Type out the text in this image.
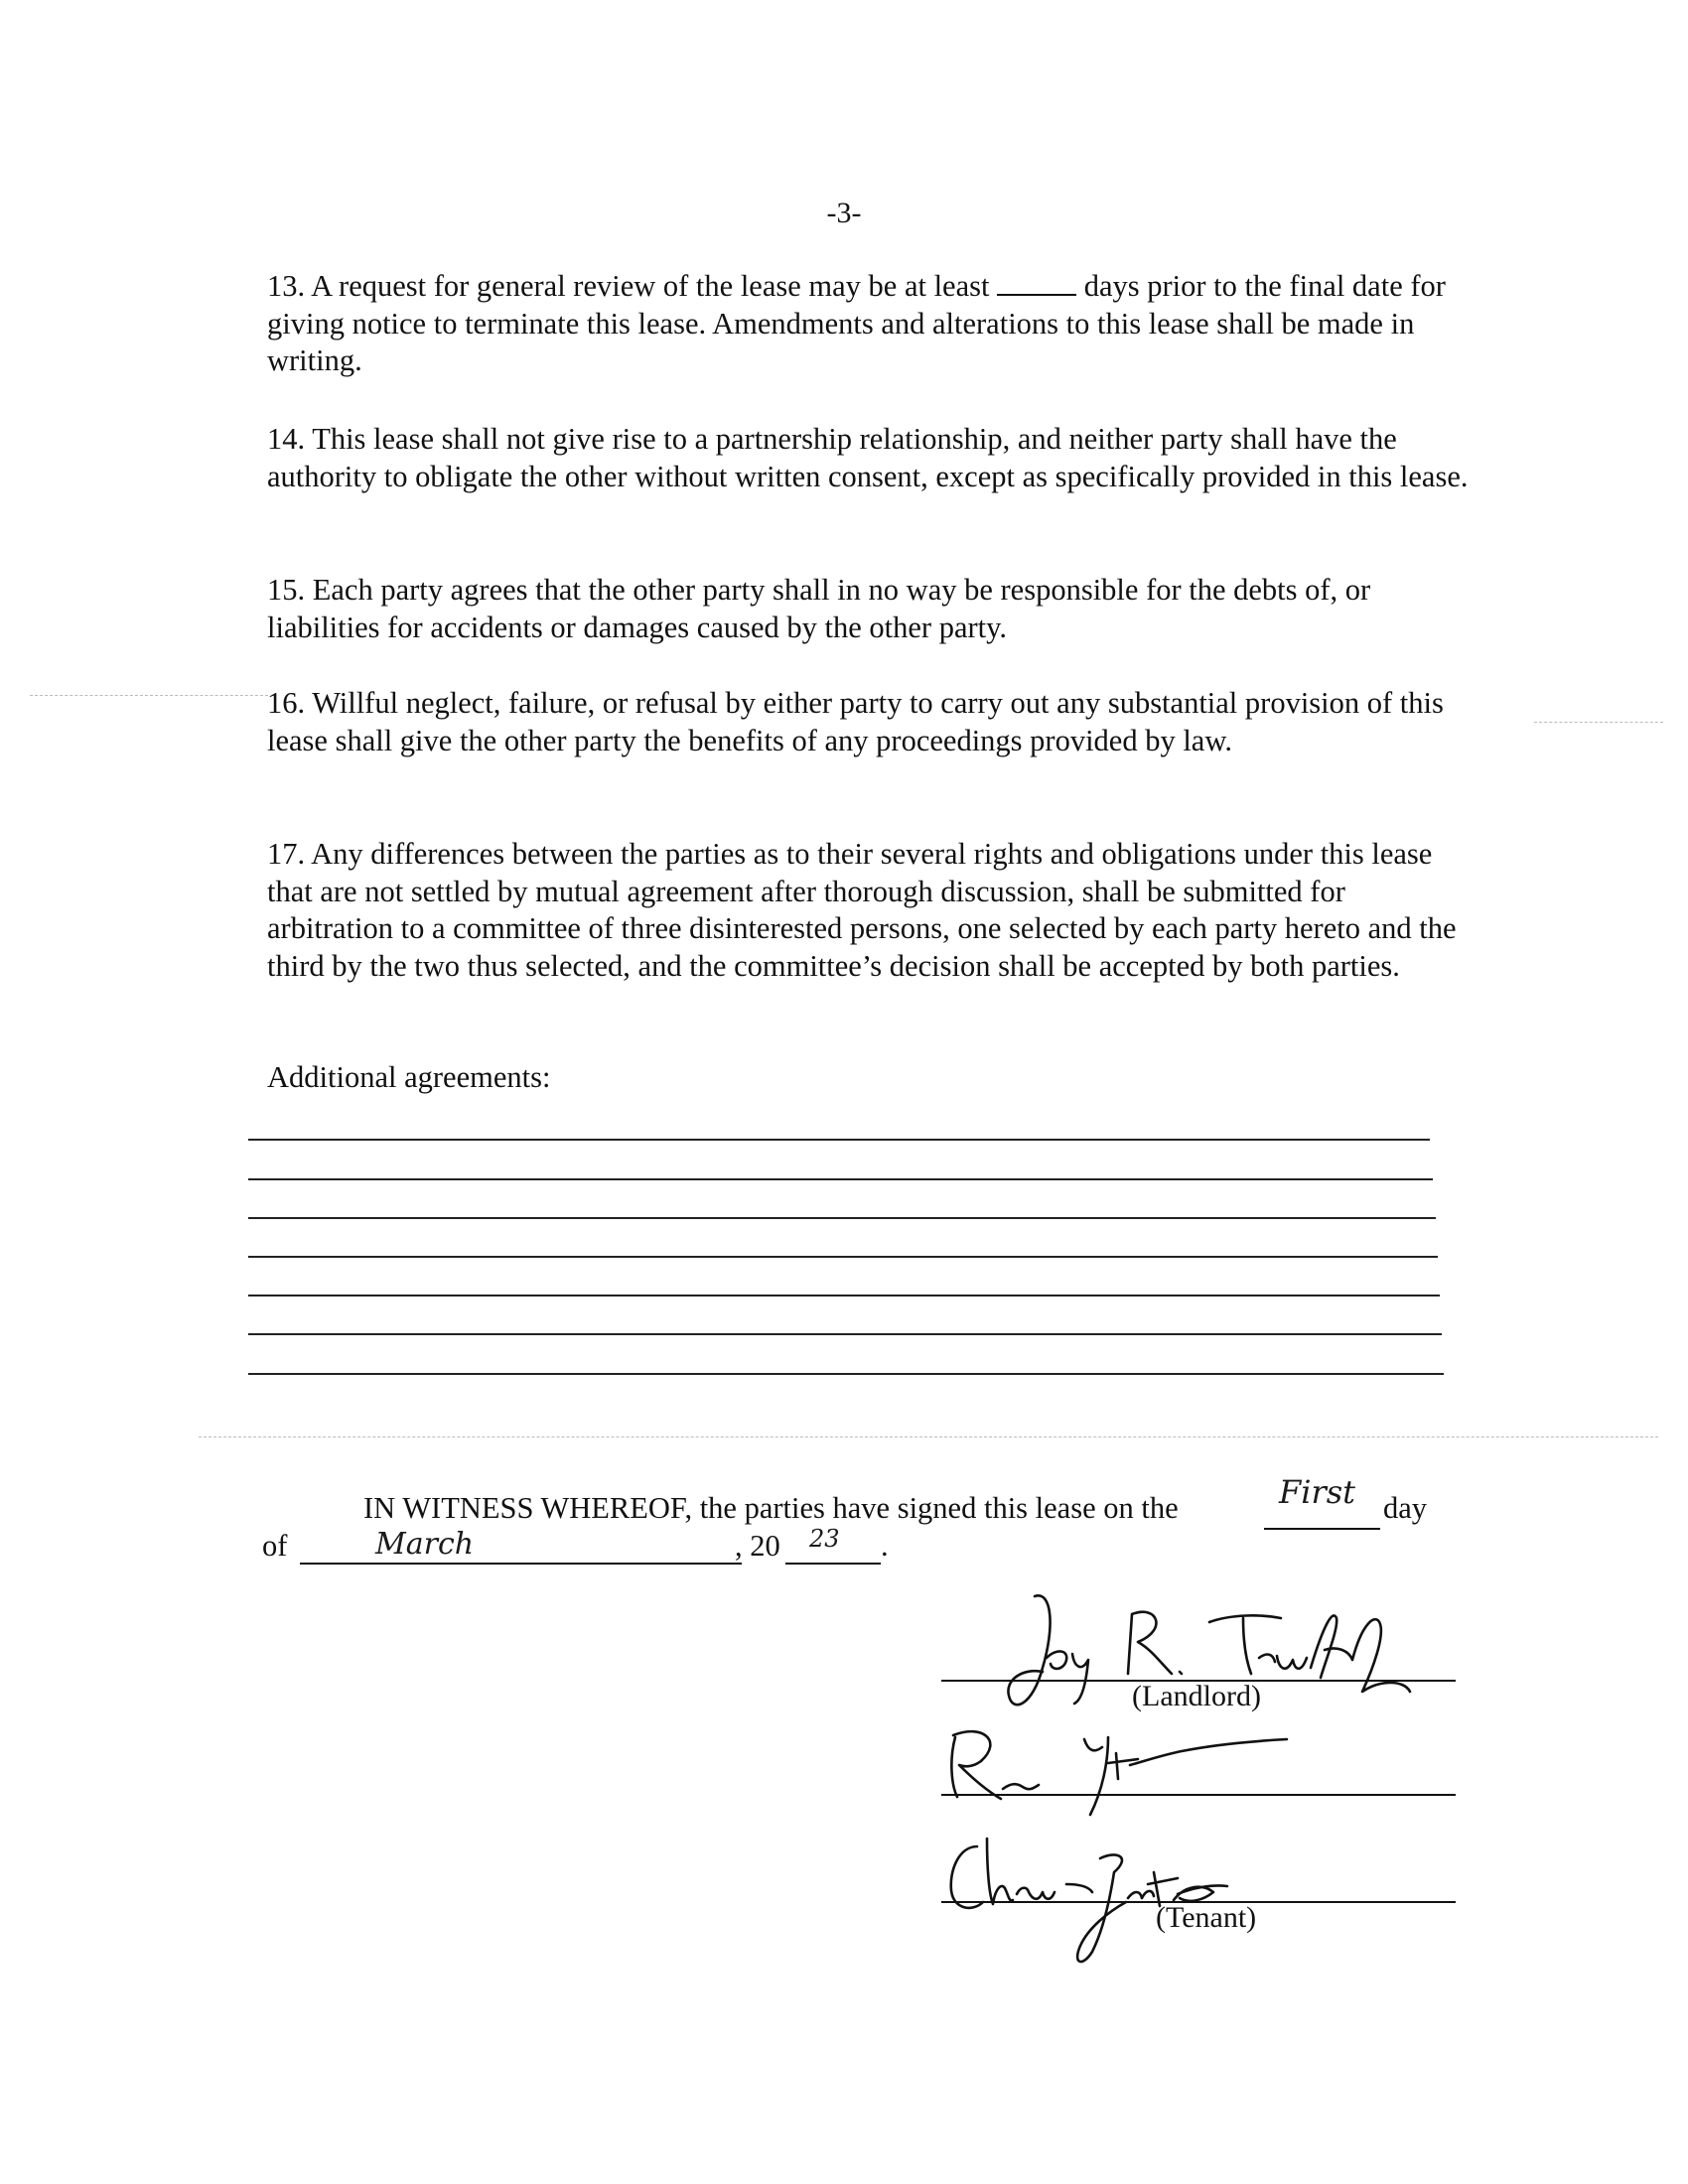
-3-

13. A request for general review of the lease may be at least	days prior to the final date for giving notice to terminate this lease. Amendments and alterations to this lease shall be made in writing.

14. This lease shall not give rise to a partnership relationship, and neither party shall have the authority to obligate the other without written consent, except as specifically provided in this lease.

15. Each party agrees that the other party shall in no way be responsible for the debts of, or liabilities for accidents or damages caused by the other party.

16. Willful neglect, failure, or refusal by either party to carry out any substantial provision of this lease shall give the other party the benefits of any proceedings provided by law.

17. Any differences between the parties as to their several rights and obligations under this lease that are not settled by mutual agreement after thorough discussion, shall be submitted for arbitration to a committee of three disinterested persons, one selected by each party hereto and the third by the two thus selected, and the committee’s decision shall be accepted by both parties.

Additional agreements:
IN WITNESS WHEREOF, the parties have signed this lease on the	First day
of	March	, 20 23 .
(Landlord)
(Tenant)
